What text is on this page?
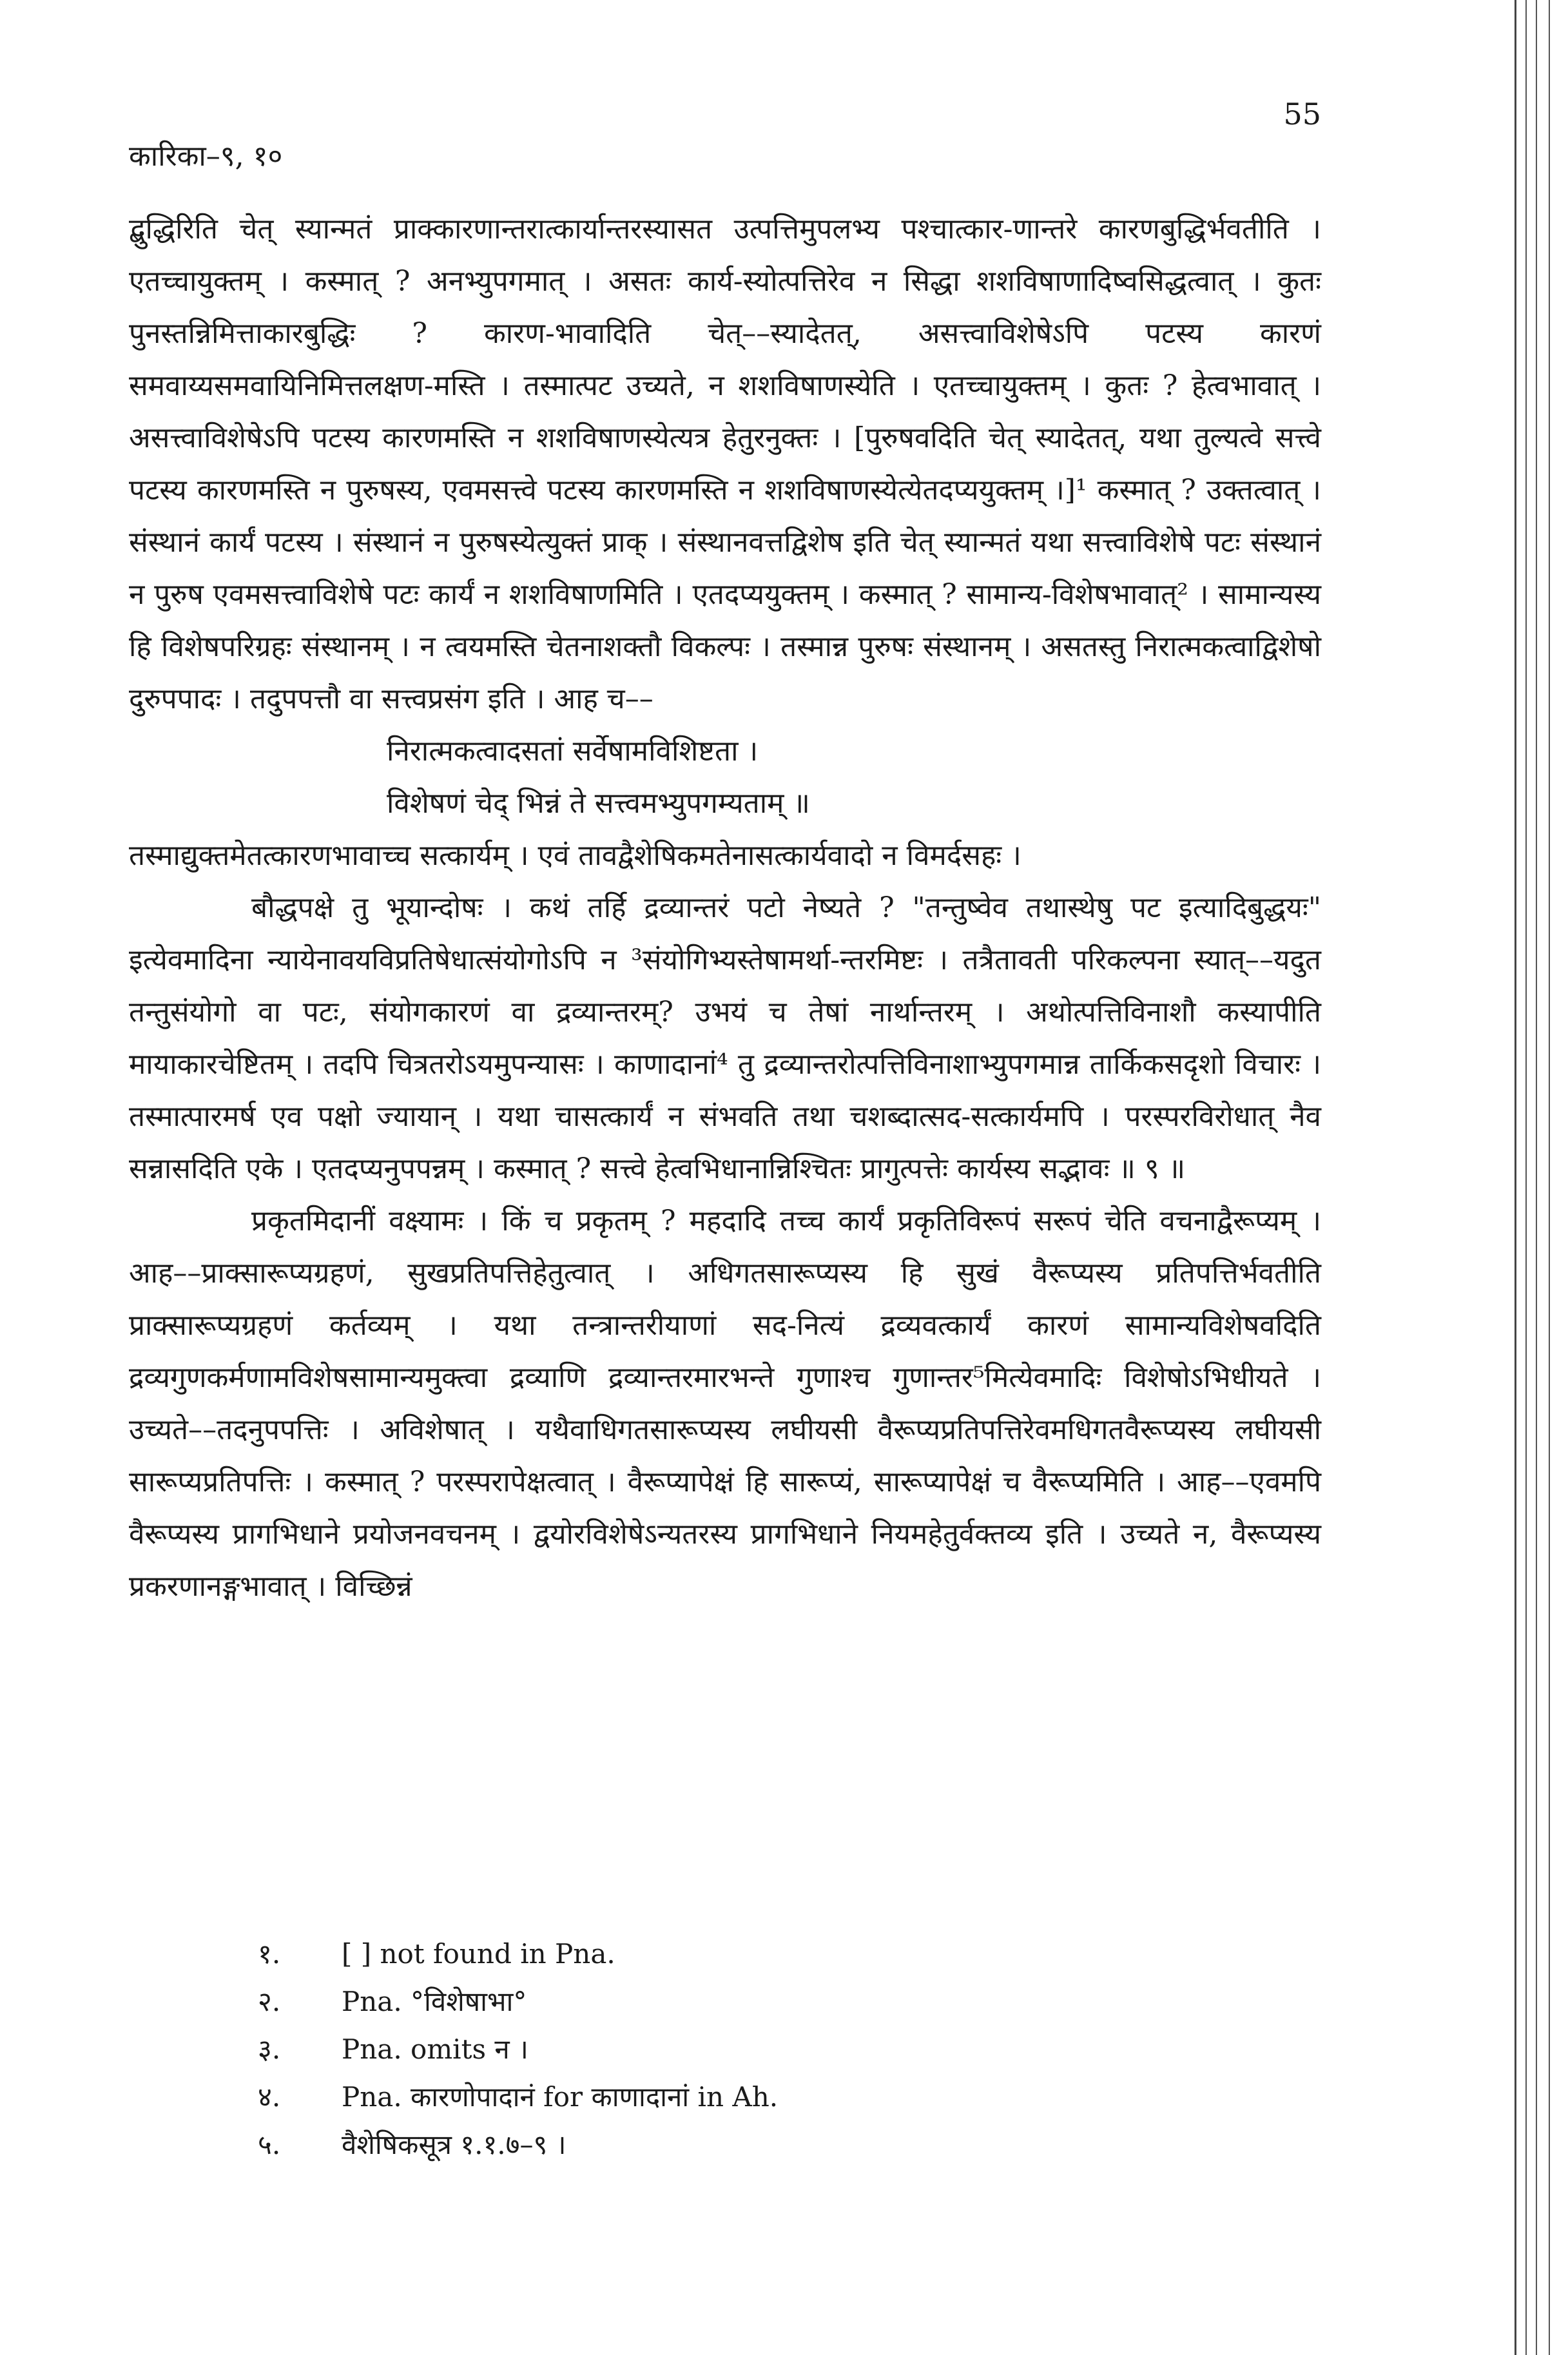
कारिका–९, १०
55

द्बुद्धिरिति चेत् स्यान्मतं प्राक्कारणान्तरात्कार्यान्तरस्यासत उत्पत्तिमुपलभ्य पश्चात्कार-णान्तरे कारणबुद्धिर्भवतीति । एतच्चायुक्तम् । कस्मात् ? अनभ्युपगमात् । असतः कार्य-स्योत्पत्तिरेव न सिद्धा शशविषाणादिष्वसिद्धत्वात् । कुतः पुनस्तन्निमित्ताकारबुद्धिः ? कारण-भावादिति चेत्––स्यादेतत्, असत्त्वाविशेषेऽपि पटस्य कारणं समवाय्यसमवायिनिमित्तलक्षण-मस्ति । तस्मात्पट उच्यते, न शशविषाणस्येति । एतच्चायुक्तम् । कुतः ? हेत्वभावात् । असत्त्वाविशेषेऽपि पटस्य कारणमस्ति न शशविषाणस्येत्यत्र हेतुरनुक्तः । [पुरुषवदिति चेत् स्यादेतत्, यथा तुल्यत्वे सत्त्वे पटस्य कारणमस्ति न पुरुषस्य, एवमसत्त्वे पटस्य कारणमस्ति न शशविषाणस्येत्येतदप्ययुक्तम् ।]¹ कस्मात् ? उक्तत्वात् । संस्थानं कार्यं पटस्य । संस्थानं न पुरुषस्येत्युक्तं प्राक् । संस्थानवत्तद्विशेष इति चेत् स्यान्मतं यथा सत्त्वाविशेषे पटः संस्थानं न पुरुष एवमसत्त्वाविशेषे पटः कार्यं न शशविषाणमिति । एतदप्ययुक्तम् । कस्मात् ? सामान्य-विशेषभावात्² । सामान्यस्य हि विशेषपरिग्रहः संस्थानम् । न त्वयमस्ति चेतनाशक्तौ विकल्पः । तस्मान्न पुरुषः संस्थानम् । असतस्तु निरात्मकत्वाद्विशेषो दुरुपपादः । तदुपपत्तौ वा सत्त्वप्रसंग इति । आह च––

निरात्मकत्वादसतां सर्वेषामविशिष्टता ।

विशेषणं चेद् भिन्नं ते सत्त्वमभ्युपगम्यताम् ॥

तस्माद्युक्तमेतत्कारणभावाच्च सत्कार्यम् । एवं तावद्वैशेषिकमतेनासत्कार्यवादो न विमर्दसहः ।

बौद्धपक्षे तु भूयान्दोषः । कथं तर्हि द्रव्यान्तरं पटो नेष्यते ? "तन्तुष्वेव तथास्थेषु पट इत्यादिबुद्धयः" इत्येवमादिना न्यायेनावयविप्रतिषेधात्संयोगोऽपि न ³संयोगिभ्यस्तेषामर्था-न्तरमिष्टः । तत्रैतावती परिकल्पना स्यात्––यदुत तन्तुसंयोगो वा पटः, संयोगकारणं वा द्रव्यान्तरम्? उभयं च तेषां नार्थान्तरम् । अथोत्पत्तिविनाशौ कस्यापीति मायाकारचेष्टितम् । तदपि चित्रतरोऽयमुपन्यासः । काणादानां⁴ तु द्रव्यान्तरोत्पत्तिविनाशाभ्युपगमान्न तार्किकसदृशो विचारः । तस्मात्पारमर्ष एव पक्षो ज्यायान् । यथा चासत्कार्यं न संभवति तथा चशब्दात्सद-सत्कार्यमपि । परस्परविरोधात् नैव सन्नासदिति एके । एतदप्यनुपपन्नम् । कस्मात् ? सत्त्वे हेत्वभिधानान्निश्चितः प्रागुत्पत्तेः कार्यस्य सद्भावः ॥ ९ ॥

प्रकृतमिदानीं वक्ष्यामः । किं च प्रकृतम् ? महदादि तच्च कार्यं प्रकृतिविरूपं सरूपं चेति वचनाद्वैरूप्यम् । आह––प्राक्सारूप्यग्रहणं, सुखप्रतिपत्तिहेतुत्वात् । अधिगतसारूप्यस्य हि सुखं वैरूप्यस्य प्रतिपत्तिर्भवतीति प्राक्सारूप्यग्रहणं कर्तव्यम् । यथा तन्त्रान्तरीयाणां सद-नित्यं द्रव्यवत्कार्यं कारणं सामान्यविशेषवदिति द्रव्यगुणकर्मणामविशेषसामान्यमुक्त्वा द्रव्याणि द्रव्यान्तरमारभन्ते गुणाश्च गुणान्तर⁵मित्येवमादिः विशेषोऽभिधीयते । उच्यते––तदनुपपत्तिः । अविशेषात् । यथैवाधिगतसारूप्यस्य लघीयसी वैरूप्यप्रतिपत्तिरेवमधिगतवैरूप्यस्य लघीयसी सारूप्यप्रतिपत्तिः । कस्मात् ? परस्परापेक्षत्वात् । वैरूप्यापेक्षं हि सारूप्यं, सारूप्यापेक्षं च वैरूप्यमिति । आह––एवमपि वैरूप्यस्य प्रागभिधाने प्रयोजनवचनम् । द्वयोरविशेषेऽन्यतरस्य प्रागभिधाने नियमहेतुर्वक्तव्य इति । उच्यते न, वैरूप्यस्य प्रकरणानङ्गभावात् । विच्छिन्नं

१. [ ] not found in Pna.
२. Pna. °विशेषाभा°
३. Pna. omits न ।
४. Pna. कारणोपादानं for काणादानां in Ah.
५. वैशेषिकसूत्र १.१.७–९ ।
